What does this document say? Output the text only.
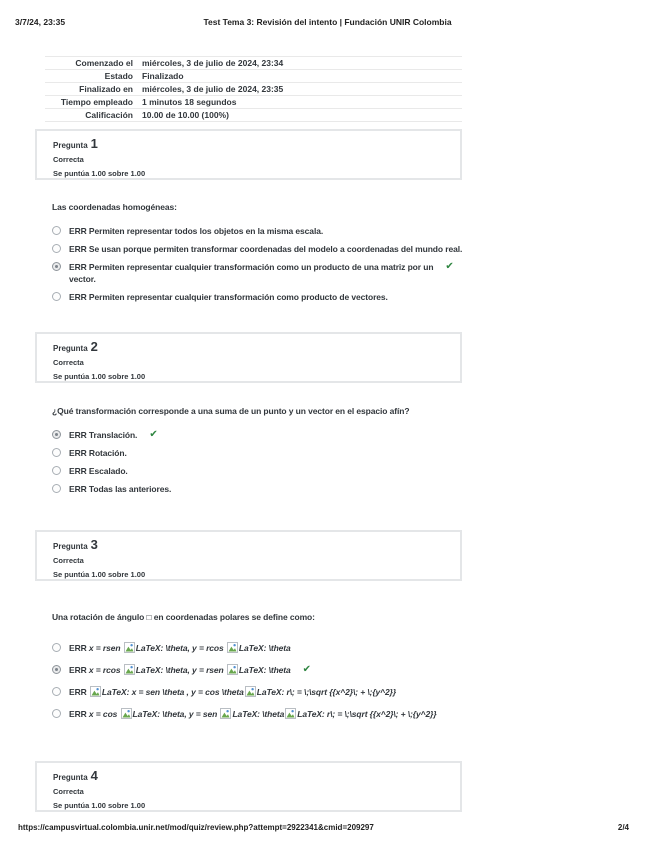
3/7/24, 23:35	Test Tema 3: Revisión del intento | Fundación UNIR Colombia
Comenzado el	miércoles, 3 de julio de 2024, 23:34
Estado	Finalizado
Finalizado en	miércoles, 3 de julio de 2024, 23:35
Tiempo empleado	1 minutos 18 segundos
Calificación	10.00 de 10.00 (100%)
Pregunta 1
Correcta
Se puntúa 1.00 sobre 1.00
Las coordenadas homogéneas:
ERR Permiten representar todos los objetos en la misma escala.
ERR Se usan porque permiten transformar coordenadas del modelo a coordenadas del mundo real.
ERR Permiten representar cualquier transformación como un producto de una matriz por un
vector.
✔
ERR Permiten representar cualquier transformación como producto de vectores.
Pregunta 2
Correcta
Se puntúa 1.00 sobre 1.00
¿Qué transformación corresponde a una suma de un punto y un vector en el espacio afín?
ERR Translación. ✔
ERR Rotación.
ERR Escalado.
ERR Todas las anteriores.
Pregunta 3
Correcta
Se puntúa 1.00 sobre 1.00
Una rotación de ángulo □ en coordenadas polares se define como:
ERR x = rsen LaTeX: \theta, y = rcos LaTeX: \theta
ERR x = rcos LaTeX: \theta, y = rsen LaTeX: \theta ✔
ERR LaTeX: x = sen \theta , y = cos \theta LaTeX: r\; = \;\sqrt {{x^2}\; + \;{y^2}}
ERR x = cos LaTeX: \theta, y = sen LaTeX: \theta LaTeX: r\; = \;\sqrt {{x^2}\; + \;{y^2}}
Pregunta 4
Correcta
Se puntúa 1.00 sobre 1.00
https://campusvirtual.colombia.unir.net/mod/quiz/review.php?attempt=2922341&cmid=209297	2/4
